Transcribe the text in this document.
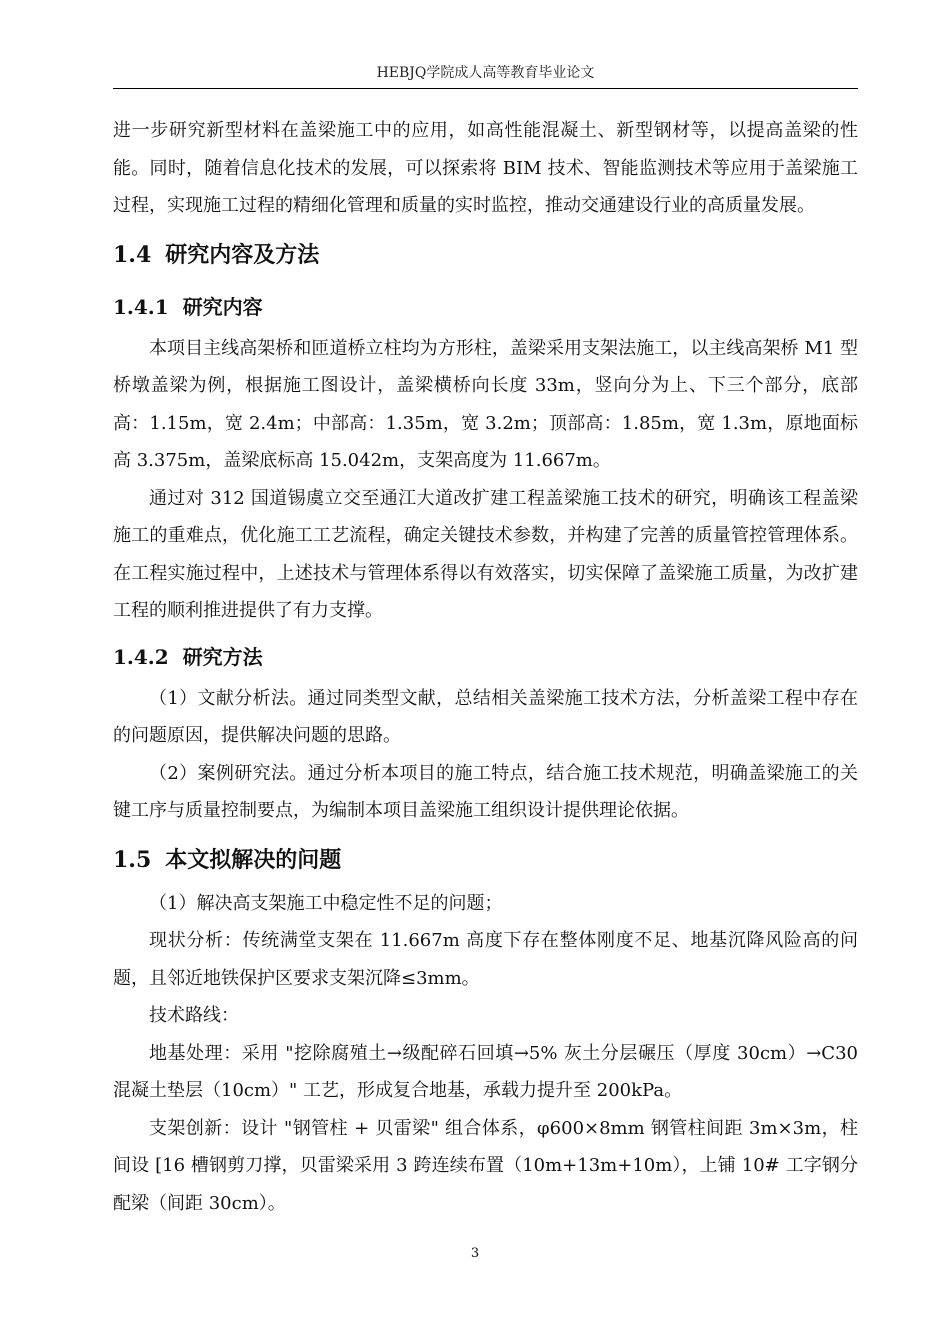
HEBJQ学院成人高等教育毕业论文

进一步研究新型材料在盖梁施工中的应用，如高性能混凝土、新型钢材等，以提高盖梁的性能。同时，随着信息化技术的发展，可以探索将 BIM 技术、智能监测技术等应用于盖梁施工过程，实现施工过程的精细化管理和质量的实时监控，推动交通建设行业的高质量发展。

1.4 研究内容及方法
1.4.1 研究内容

本项目主线高架桥和匝道桥立柱均为方形柱，盖梁采用支架法施工，以主线高架桥 M1 型桥墩盖梁为例，根据施工图设计，盖梁横桥向长度 33m，竖向分为上、下三个部分，底部高：1.15m，宽 2.4m；中部高：1.35m，宽 3.2m；顶部高：1.85m，宽 1.3m，原地面标高 3.375m，盖梁底标高 15.042m，支架高度为 11.667m。

通过对 312 国道锡虞立交至通江大道改扩建工程盖梁施工技术的研究，明确该工程盖梁施工的重难点，优化施工工艺流程，确定关键技术参数，并构建了完善的质量管控管理体系。在工程实施过程中，上述技术与管理体系得以有效落实，切实保障了盖梁施工质量，为改扩建工程的顺利推进提供了有力支撑。

1.4.2 研究方法

（1）文献分析法。通过同类型文献，总结相关盖梁施工技术方法，分析盖梁工程中存在的问题原因，提供解决问题的思路。

（2）案例研究法。通过分析本项目的施工特点，结合施工技术规范，明确盖梁施工的关键工序与质量控制要点，为编制本项目盖梁施工组织设计提供理论依据。

1.5 本文拟解决的问题

（1）解决高支架施工中稳定性不足的问题；

现状分析：传统满堂支架在 11.667m 高度下存在整体刚度不足、地基沉降风险高的问题，且邻近地铁保护区要求支架沉降≤3mm。

技术路线：

地基处理：采用 "挖除腐殖土→级配碎石回填→5% 灰土分层碾压（厚度 30cm）→C30 混凝土垫层（10cm）" 工艺，形成复合地基，承载力提升至 200kPa。

支架创新：设计 "钢管柱 + 贝雷梁" 组合体系，φ600×8mm 钢管柱间距 3m×3m，柱间设 [16 槽钢剪刀撑，贝雷梁采用 3 跨连续布置（10m+13m+10m），上铺 10# 工字钢分配梁（间距 30cm）。

3
